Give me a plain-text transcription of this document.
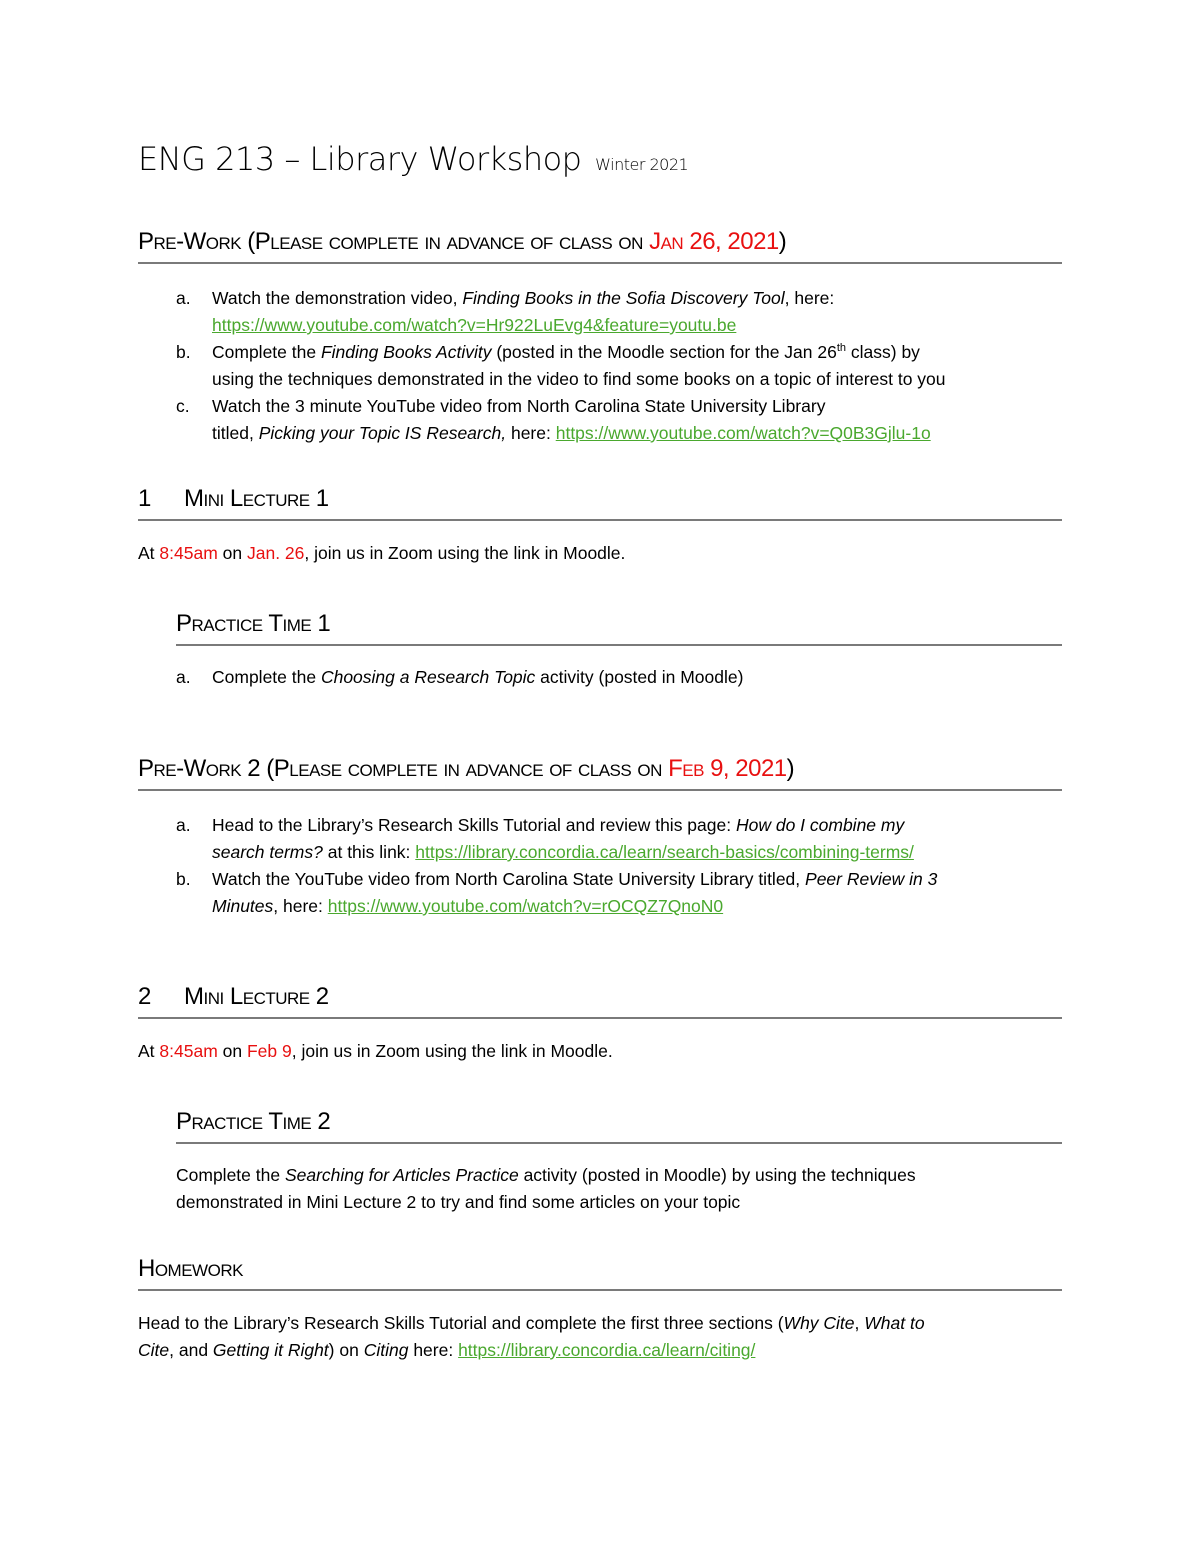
ENG 213 – Library Workshop Winter 2021
Pre-Work (Please complete in advance of class on Jan 26, 2021)
a. Watch the demonstration video, Finding Books in the Sofia Discovery Tool, here:
https://www.youtube.com/watch?v=Hr922LuEvg4&feature=youtu.be
b. Complete the Finding Books Activity (posted in the Moodle section for the Jan 26th class) by
using the techniques demonstrated in the video to find some books on a topic of interest to you
c. Watch the 3 minute YouTube video from North Carolina State University Library
titled, Picking your Topic IS Research, here: https://www.youtube.com/watch?v=Q0B3Gjlu-1o
1 Mini Lecture 1
At 8:45am on Jan. 26, join us in Zoom using the link in Moodle.
Practice Time 1
a. Complete the Choosing a Research Topic activity (posted in Moodle)
Pre-Work 2 (Please complete in advance of class on Feb 9, 2021)
a. Head to the Library’s Research Skills Tutorial and review this page: How do I combine my
search terms? at this link: https://library.concordia.ca/learn/search-basics/combining-terms/
b. Watch the YouTube video from North Carolina State University Library titled, Peer Review in 3
Minutes, here: https://www.youtube.com/watch?v=rOCQZ7QnoN0
2 Mini Lecture 2
At 8:45am on Feb 9, join us in Zoom using the link in Moodle.
Practice Time 2
Complete the Searching for Articles Practice activity (posted in Moodle) by using the techniques
demonstrated in Mini Lecture 2 to try and find some articles on your topic
Homework
Head to the Library’s Research Skills Tutorial and complete the first three sections (Why Cite, What to
Cite, and Getting it Right) on Citing here: https://library.concordia.ca/learn/citing/
